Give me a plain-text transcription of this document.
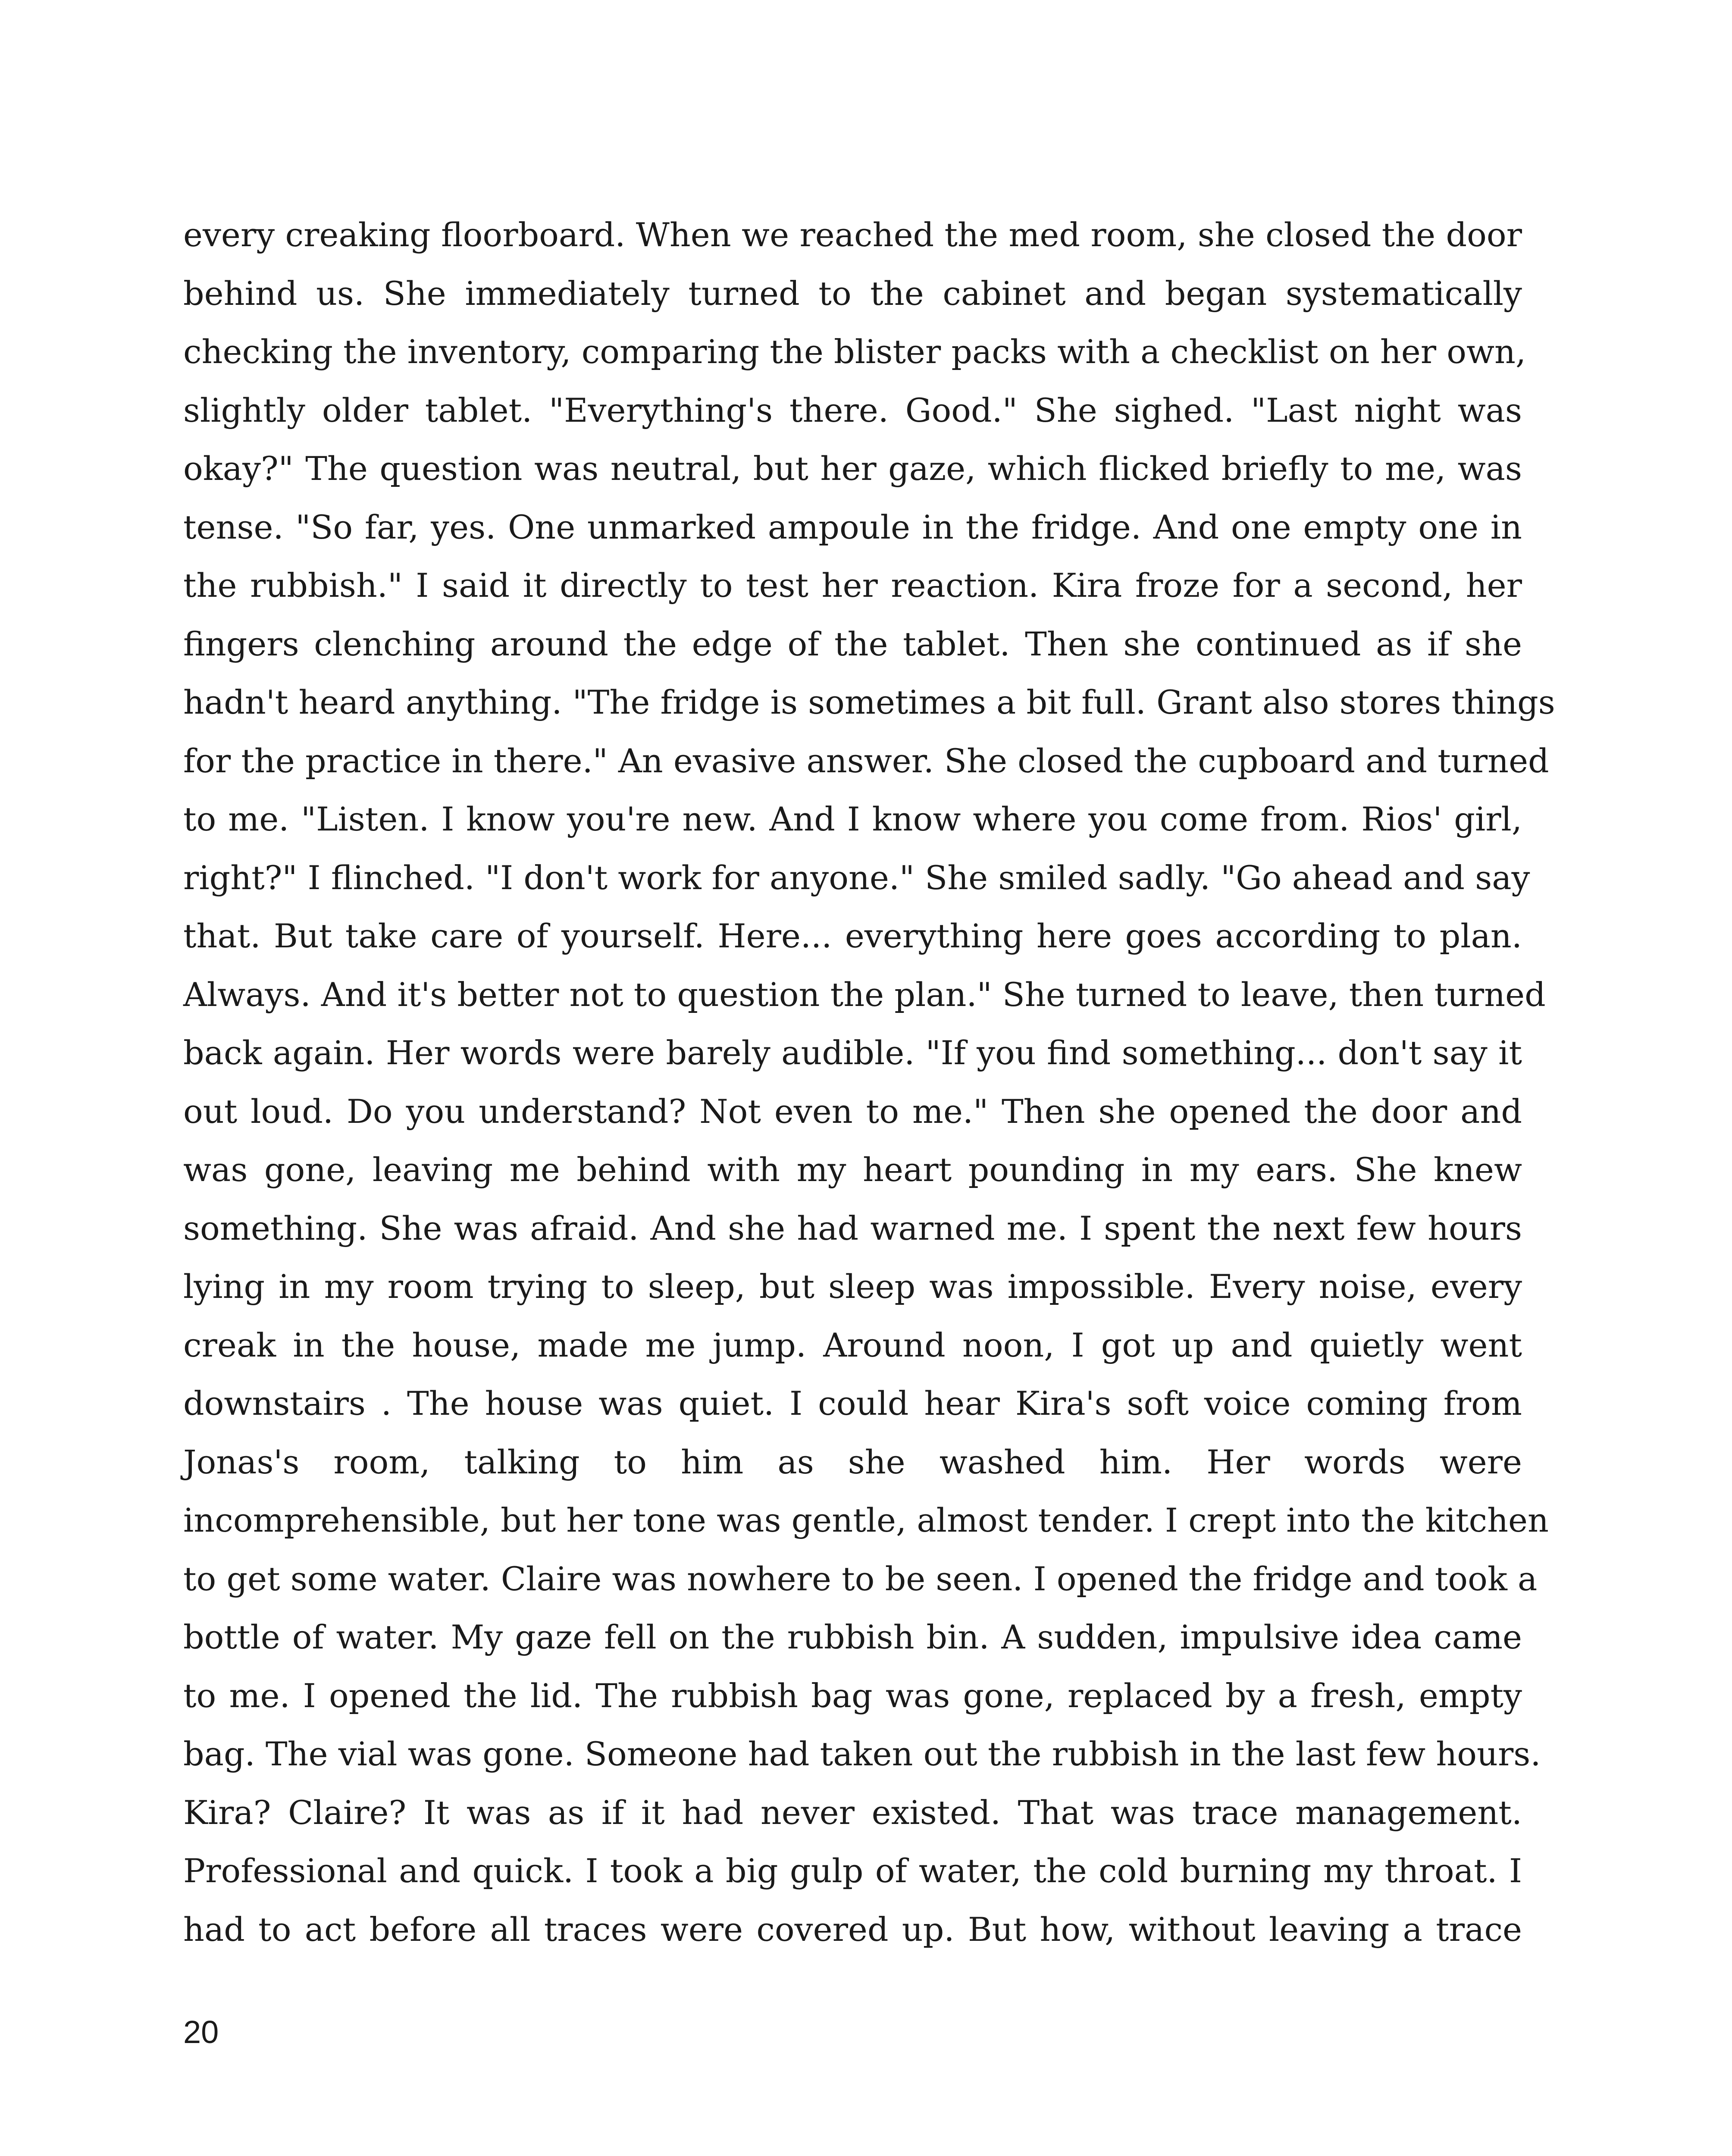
every creaking floorboard. When we reached the med room, she closed the door
behind us. She immediately turned to the cabinet and began systematically
checking the inventory, comparing the blister packs with a checklist on her own,
slightly older tablet. "Everything's there. Good." She sighed. "Last night was
okay?" The question was neutral, but her gaze, which flicked briefly to me, was
tense. "So far, yes. One unmarked ampoule in the fridge. And one empty one in
the rubbish." I said it directly to test her reaction. Kira froze for a second, her
fingers clenching around the edge of the tablet. Then she continued as if she
hadn't heard anything. "The fridge is sometimes a bit full. Grant also stores things
for the practice in there." An evasive answer. She closed the cupboard and turned
to me. "Listen. I know you're new. And I know where you come from. Rios' girl,
right?" I flinched. "I don't work for anyone." She smiled sadly. "Go ahead and say
that. But take care of yourself. Here... everything here goes according to plan.
Always. And it's better not to question the plan." She turned to leave, then turned
back again. Her words were barely audible. "If you find something... don't say it
out loud. Do you understand? Not even to me." Then she opened the door and
was gone, leaving me behind with my heart pounding in my ears. She knew
something. She was afraid. And she had warned me. I spent the next few hours
lying in my room trying to sleep, but sleep was impossible. Every noise, every
creak in the house, made me jump. Around noon, I got up and quietly went
downstairs . The house was quiet. I could hear Kira's soft voice coming from
Jonas's room, talking to him as she washed him. Her words were
incomprehensible, but her tone was gentle, almost tender. I crept into the kitchen
to get some water. Claire was nowhere to be seen. I opened the fridge and took a
bottle of water. My gaze fell on the rubbish bin. A sudden, impulsive idea came
to me. I opened the lid. The rubbish bag was gone, replaced by a fresh, empty
bag. The vial was gone. Someone had taken out the rubbish in the last few hours.
Kira? Claire? It was as if it had never existed. That was trace management.
Professional and quick. I took a big gulp of water, the cold burning my throat. I
had to act before all traces were covered up. But how, without leaving a trace
20
